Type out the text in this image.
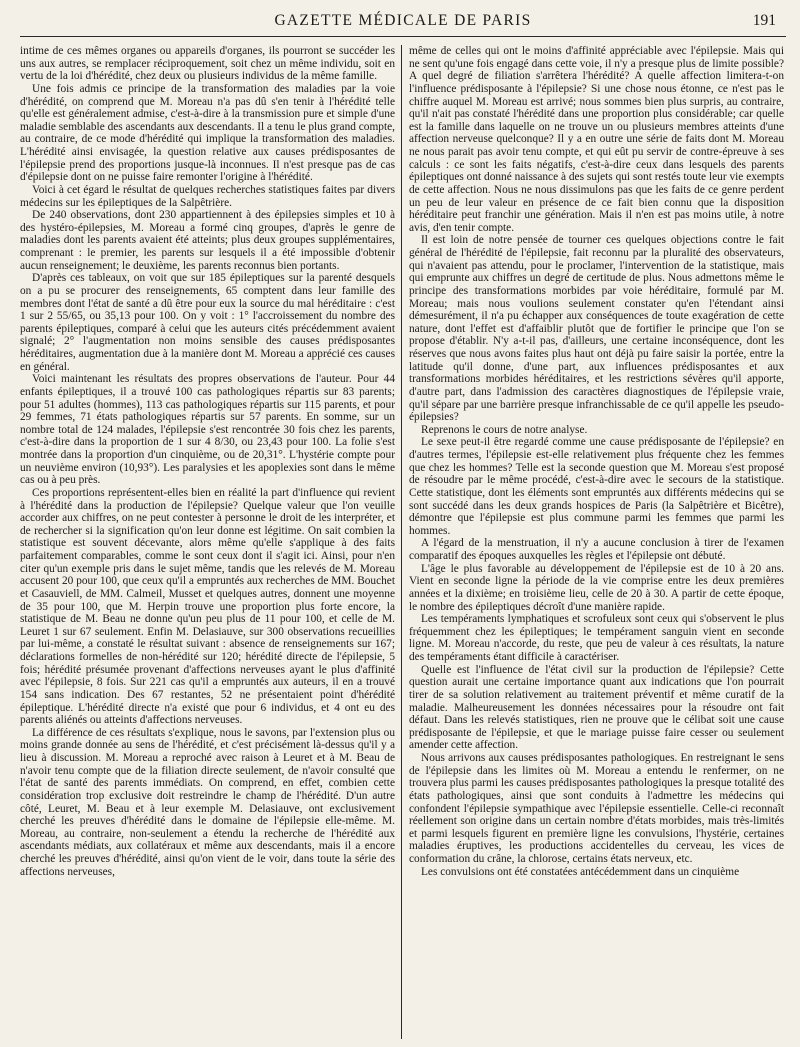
GAZETTE MÉDICALE DE PARIS	191

intime de ces mêmes organes ou appareils d'organes, ils pourront se succéder les uns aux autres, se remplacer réciproquement, soit chez un même individu, soit en vertu de la loi d'hérédité, chez deux ou plusieurs individus de la même famille.

Une fois admis ce principe de la transformation des maladies par la voie d'hérédité, on comprend que M. Moreau n'a pas dû s'en tenir à l'hérédité telle qu'elle est généralement admise, c'est-à-dire à la transmission pure et simple d'une maladie semblable des ascendants aux descendants. Il a tenu le plus grand compte, au contraire, de ce mode d'hérédité qui implique la transformation des maladies. L'hérédité ainsi envisagée, la question relative aux causes prédisposantes de l'épilepsie prend des proportions jusque-là inconnues. Il n'est presque pas de cas d'épilepsie dont on ne puisse faire remonter l'origine à l'hérédité.

Voici à cet égard le résultat de quelques recherches statistiques faites par divers médecins sur les épileptiques de la Salpêtrière.

De 240 observations, dont 230 appartiennent à des épilepsies simples et 10 à des hystéro-épilepsies, M. Moreau a formé cinq groupes, d'après le genre de maladies dont les parents avaient été atteints; plus deux groupes supplémentaires, comprenant : le premier, les parents sur lesquels il a été impossible d'obtenir aucun renseignement; le deuxième, les parents reconnus bien portants.

D'après ces tableaux, on voit que sur 185 épileptiques sur la parenté desquels on a pu se procurer des renseignements, 65 comptent dans leur famille des membres dont l'état de santé a dû être pour eux la source du mal héréditaire : c'est 1 sur 2 55/65, ou 35,13 pour 100. On y voit : 1° l'accroissement du nombre des parents épileptiques, comparé à celui que les auteurs cités précédemment avaient signalé; 2° l'augmentation non moins sensible des causes prédisposantes héréditaires, augmentation due à la manière dont M. Moreau a apprécié ces causes en général.

Voici maintenant les résultats des propres observations de l'auteur. Pour 44 enfants épileptiques, il a trouvé 100 cas pathologiques répartis sur 83 parents; pour 51 adultes (hommes), 113 cas pathologiques répartis sur 115 parents, et pour 29 femmes, 71 états pathologiques répartis sur 57 parents. En somme, sur un nombre total de 124 malades, l'épilepsie s'est rencontrée 30 fois chez les parents, c'est-à-dire dans la proportion de 1 sur 4 8/30, ou 23,43 pour 100. La folie s'est montrée dans la proportion d'un cinquième, ou de 20,31°. L'hystérie compte pour un neuvième environ (10,93°). Les paralysies et les apoplexies sont dans le même cas ou à peu près.

Ces proportions représentent-elles bien en réalité la part d'influence qui revient à l'hérédité dans la production de l'épilepsie? Quelque valeur que l'on veuille accorder aux chiffres, on ne peut contester à personne le droit de les interpréter, et de rechercher si la signification qu'on leur donne est légitime. On sait combien la statistique est souvent décevante, alors même qu'elle s'applique à des faits parfaitement comparables, comme le sont ceux dont il s'agit ici. Ainsi, pour n'en citer qu'un exemple pris dans le sujet même, tandis que les relevés de M. Moreau accusent 20 pour 100, que ceux qu'il a empruntés aux recherches de MM. Bouchet et Casauviell, de MM. Calmeil, Musset et quelques autres, donnent une moyenne de 35 pour 100, que M. Herpin trouve une proportion plus forte encore, la statistique de M. Beau ne donne qu'un peu plus de 11 pour 100, et celle de M. Leuret 1 sur 67 seulement. Enfin M. Delasiauve, sur 300 observations recueillies par lui-même, a constaté le résultat suivant : absence de renseignements sur 167; déclarations formelles de non-hérédité sur 120; hérédité directe de l'épilepsie, 5 fois; hérédité présumée provenant d'affections nerveuses ayant le plus d'affinité avec l'épilepsie, 8 fois. Sur 221 cas qu'il a empruntés aux auteurs, il en a trouvé 154 sans indication. Des 67 restantes, 52 ne présentaient point d'hérédité épileptique. L'hérédité directe n'a existé que pour 6 individus, et 4 ont eu des parents aliénés ou atteints d'affections nerveuses.

La différence de ces résultats s'explique, nous le savons, par l'extension plus ou moins grande donnée au sens de l'hérédité, et c'est précisément là-dessus qu'il y a lieu à discussion. M. Moreau a reproché avec raison à Leuret et à M. Beau de n'avoir tenu compte que de la filiation directe seulement, de n'avoir consulté que l'état de santé des parents immédiats. On comprend, en effet, combien cette considération trop exclusive doit restreindre le champ de l'hérédité. D'un autre côté, Leuret, M. Beau et à leur exemple M. Delasiauve, ont exclusivement cherché les preuves d'hérédité dans le domaine de l'épilepsie elle-même. M. Moreau, au contraire, non-seulement a étendu la recherche de l'hérédité aux ascendants médiats, aux collatéraux et même aux descendants, mais il a encore cherché les preuves d'hérédité, ainsi qu'on vient de le voir, dans toute la série des affections nerveuses,

même de celles qui ont le moins d'affinité appréciable avec l'épilepsie. Mais qui ne sent qu'une fois engagé dans cette voie, il n'y a presque plus de limite possible? A quel degré de filiation s'arrêtera l'hérédité? A quelle affection limitera-t-on l'influence prédisposante à l'épilepsie? Si une chose nous étonne, ce n'est pas le chiffre auquel M. Moreau est arrivé; nous sommes bien plus surpris, au contraire, qu'il n'ait pas constaté l'hérédité dans une proportion plus considérable; car quelle est la famille dans laquelle on ne trouve un ou plusieurs membres atteints d'une affection nerveuse quelconque? Il y a en outre une série de faits dont M. Moreau ne nous parait pas avoir tenu compte, et qui eût pu servir de contre-épreuve à ses calculs : ce sont les faits négatifs, c'est-à-dire ceux dans lesquels des parents épileptiques ont donné naissance à des sujets qui sont restés toute leur vie exempts de cette affection. Nous ne nous dissimulons pas que les faits de ce genre perdent un peu de leur valeur en présence de ce fait bien connu que la disposition héréditaire peut franchir une génération. Mais il n'en est pas moins utile, à notre avis, d'en tenir compte.

Il est loin de notre pensée de tourner ces quelques objections contre le fait général de l'hérédité de l'épilepsie, fait reconnu par la pluralité des observateurs, qui n'avaient pas attendu, pour le proclamer, l'intervention de la statistique, mais qui emprunte aux chiffres un degré de certitude de plus. Nous admettons même le principe des transformations morbides par voie héréditaire, formulé par M. Moreau; mais nous voulions seulement constater qu'en l'étendant ainsi démesurément, il n'a pu échapper aux conséquences de toute exagération de cette nature, dont l'effet est d'affaiblir plutôt que de fortifier le principe que l'on se propose d'établir. N'y a-t-il pas, d'ailleurs, une certaine inconséquence, dont les réserves que nous avons faites plus haut ont déjà pu faire saisir la portée, entre la latitude qu'il donne, d'une part, aux influences prédisposantes et aux transformations morbides héréditaires, et les restrictions sévères qu'il apporte, d'autre part, dans l'admission des caractères diagnostiques de l'épilepsie vraie, qu'il sépare par une barrière presque infranchissable de ce qu'il appelle les pseudo-épilepsies?

Reprenons le cours de notre analyse.

Le sexe peut-il être regardé comme une cause prédisposante de l'épilepsie? en d'autres termes, l'épilepsie est-elle relativement plus fréquente chez les femmes que chez les hommes? Telle est la seconde question que M. Moreau s'est proposé de résoudre par le même procédé, c'est-à-dire avec le secours de la statistique. Cette statistique, dont les éléments sont empruntés aux différents médecins qui se sont succédé dans les deux grands hospices de Paris (la Salpêtrière et Bicêtre), démontre que l'épilepsie est plus commune parmi les femmes que parmi les hommes.

A l'égard de la menstruation, il n'y a aucune conclusion à tirer de l'examen comparatif des époques auxquelles les règles et l'épilepsie ont débuté.

L'âge le plus favorable au développement de l'épilepsie est de 10 à 20 ans. Vient en seconde ligne la période de la vie comprise entre les deux premières années et la dixième; en troisième lieu, celle de 20 à 30. A partir de cette époque, le nombre des épileptiques décroît d'une manière rapide.

Les tempéraments lymphatiques et scrofuleux sont ceux qui s'observent le plus fréquemment chez les épileptiques; le tempérament sanguin vient en seconde ligne. M. Moreau n'accorde, du reste, que peu de valeur à ces résultats, la nature des tempéraments étant difficile à caractériser.

Quelle est l'influence de l'état civil sur la production de l'épilepsie? Cette question aurait une certaine importance quant aux indications que l'on pourrait tirer de sa solution relativement au traitement préventif et même curatif de la maladie. Malheureusement les données nécessaires pour la résoudre ont fait défaut. Dans les relevés statistiques, rien ne prouve que le célibat soit une cause prédisposante de l'épilepsie, et que le mariage puisse faire cesser ou seulement amender cette affection.

Nous arrivons aux causes prédisposantes pathologiques. En restreignant le sens de l'épilepsie dans les limites où M. Moreau a entendu le renfermer, on ne trouvera plus parmi les causes prédisposantes pathologiques la presque totalité des états pathologiques, ainsi que sont conduits à l'admettre les médecins qui confondent l'épilepsie sympathique avec l'épilepsie essentielle. Celle-ci reconnaît réellement son origine dans un certain nombre d'états morbides, mais très-limités et parmi lesquels figurent en première ligne les convulsions, l'hystérie, certaines maladies éruptives, les productions accidentelles du cerveau, les vices de conformation du crâne, la chlorose, certains états nerveux, etc.

Les convulsions ont été constatées antécédemment dans un cinquième
